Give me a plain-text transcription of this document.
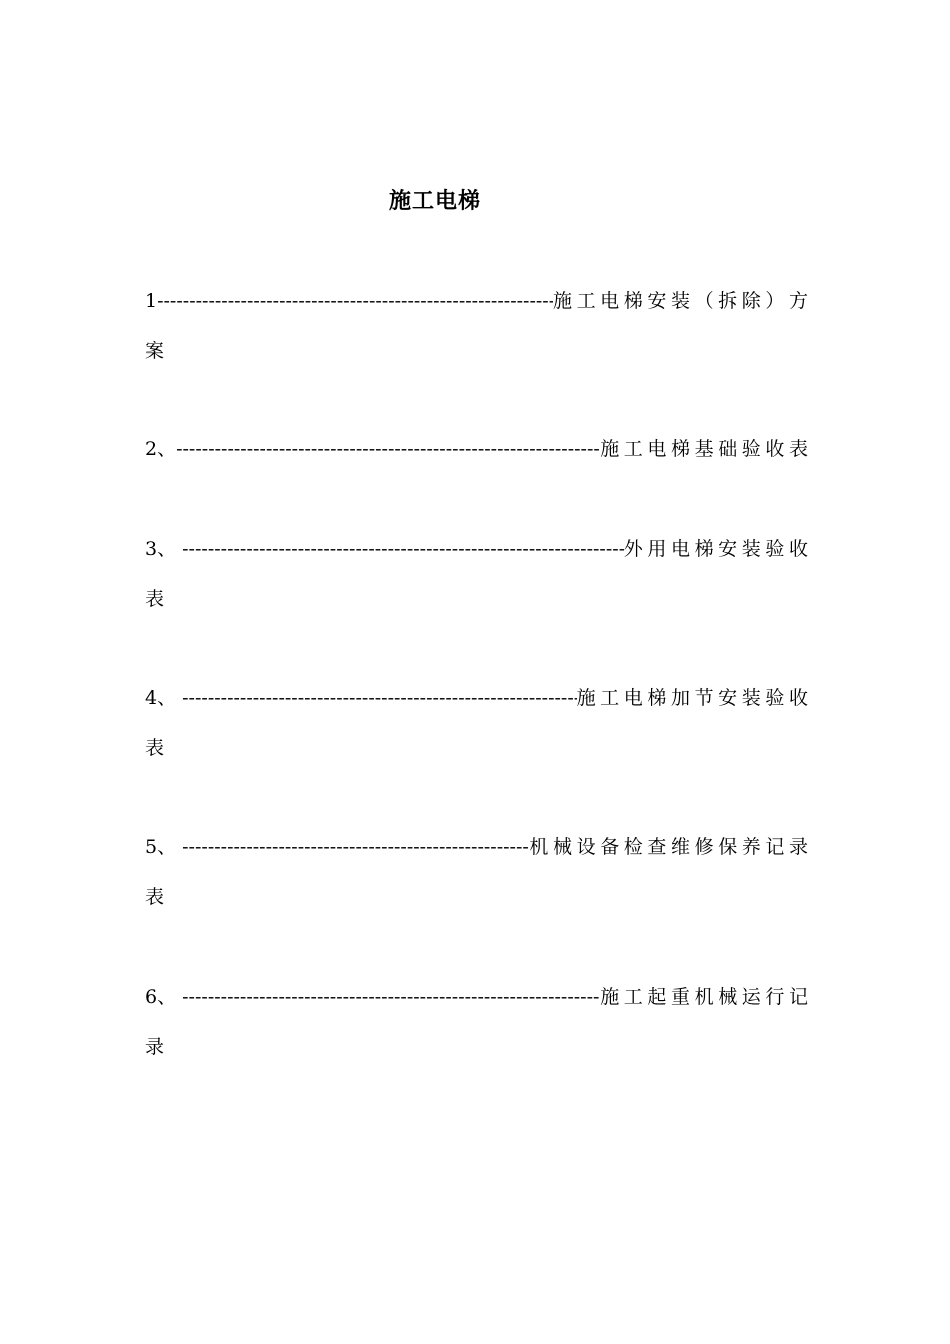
施工电梯
1 -----	施工电梯安装（拆除）方
案
2、 -----	施工电梯基础验收表
3、 -----	外用电梯安装验收
表
4、 -----	施工电梯加节安装验收
表
5、 -----	机械设备检查维修保养记录
表
6、 -----	施工起重机械运行记
录
